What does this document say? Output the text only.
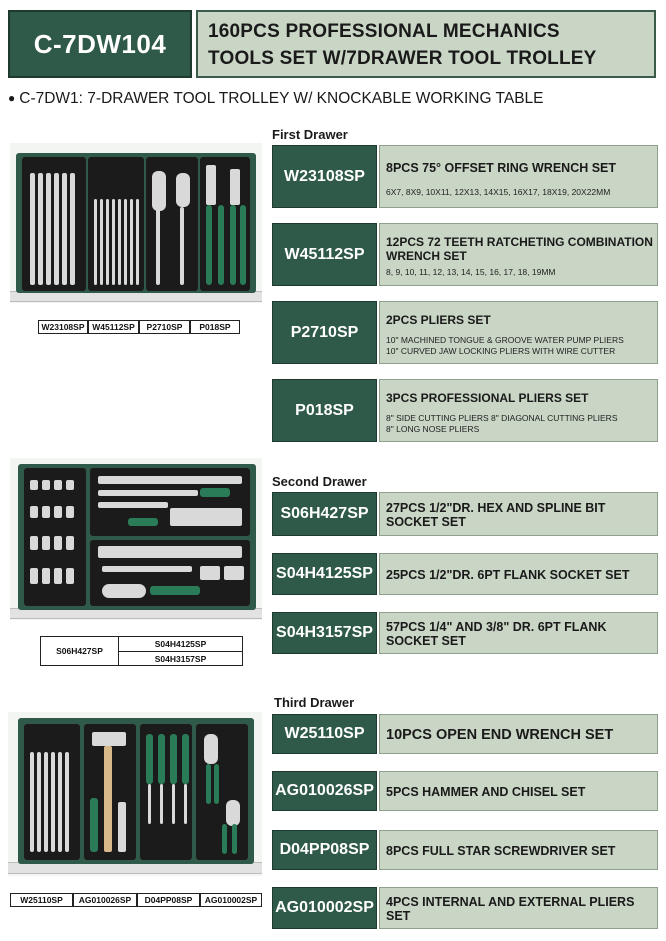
C-7DW104	160PCS PROFESSIONAL MECHANICS
TOOLS SET W/7DRAWER TOOL TROLLEY
● C-7DW1: 7-DRAWER TOOL TROLLEY W/ KNOCKABLE WORKING TABLE
First Drawer
W23108SP W45112SP	P2710SP	P018SP
W23108SP	8PCS 75° OFFSET RING WRENCH SET
6X7, 8X9, 10X11, 12X13, 14X15, 16X17, 18X19, 20X22MM
W45112SP
12PCS 72 TEETH RATCHETING COMBINATION WRENCH SET
8, 9, 10, 11, 12, 13, 14, 15, 16, 17, 18, 19MM
P2710SP
2PCS PLIERS SET
10" MACHINED TONGUE & GROOVE WATER PUMP PLIERS
10" CURVED JAW LOCKING PLIERS WITH WIRE CUTTER
P018SP
3PCS PROFESSIONAL PLIERS SET
8" SIDE CUTTING PLIERS 8" DIAGONAL CUTTING PLIERS
8" LONG NOSE PLIERS
Second Drawer
S06H427SP
S04H4125SP
S04H3157SP
S06H427SP	27PCS 1/2"DR. HEX AND SPLINE BIT SOCKET SET
S04H4125SP	25PCS 1/2"DR. 6PT FLANK SOCKET SET
S04H3157SP	57PCS 1/4" AND 3/8" DR. 6PT FLANK SOCKET SET
Third Drawer
W25110SP	AG010026SP	D04PP08SP	AG010002SP
W25110SP	10PCS OPEN END WRENCH SET
AG010026SP 5PCS HAMMER AND CHISEL SET
D04PP08SP	8PCS FULL STAR SCREWDRIVER SET
AG010002SP 4PCS INTERNAL AND EXTERNAL PLIERS SET
